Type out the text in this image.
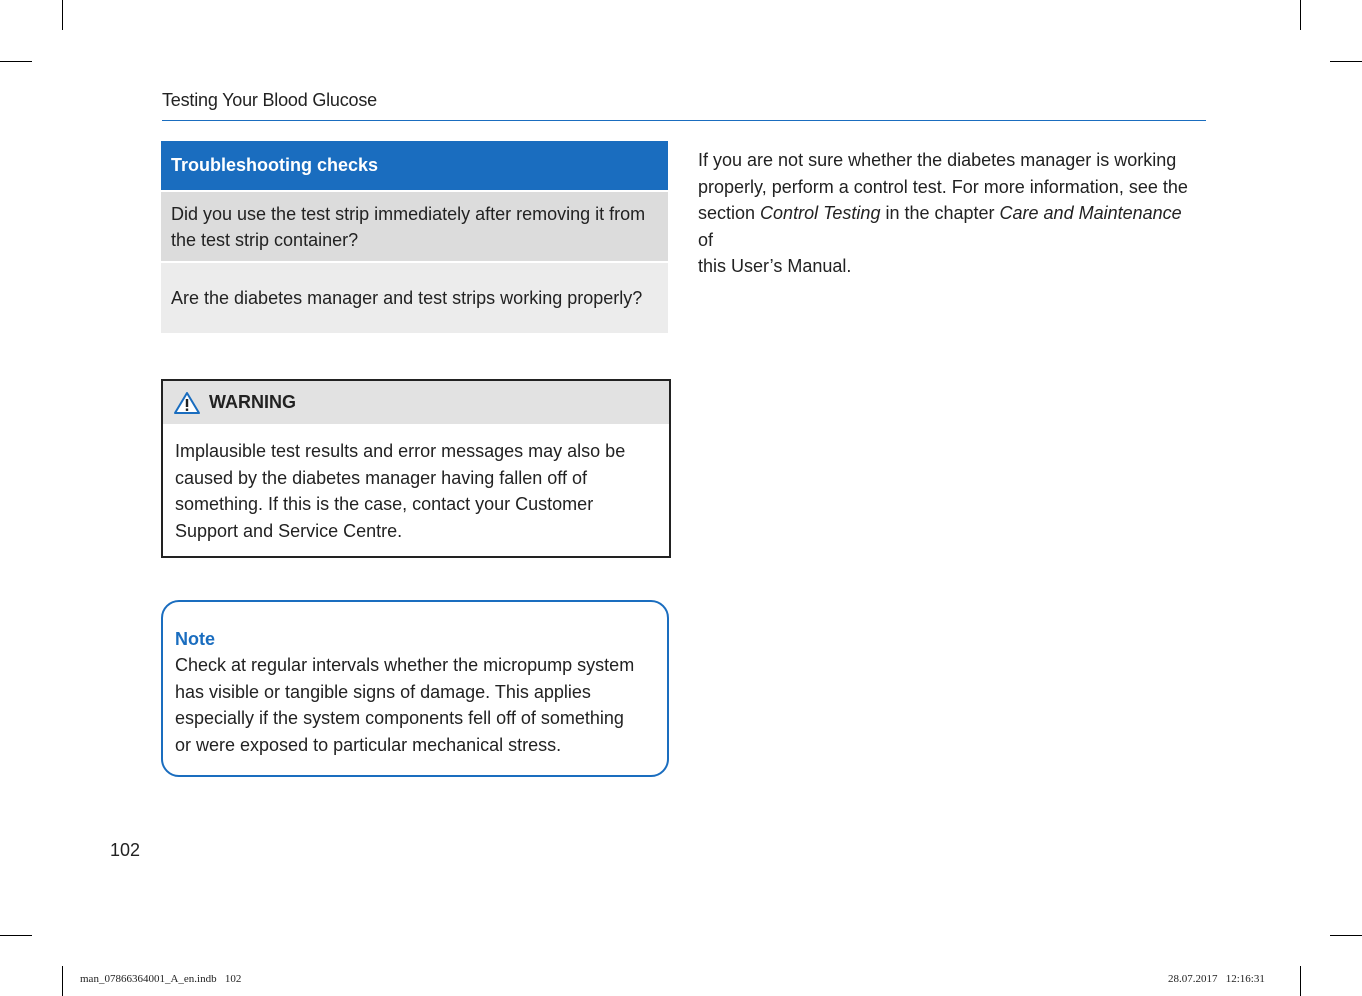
Testing Your Blood Glucose
Troubleshooting checks
Did you use the test strip immediately after removing it from the test strip container?
Are the diabetes manager and test strips working properly?
WARNING
Implausible test results and error messages may also be
caused by the diabetes manager having fallen off of
something. If this is the case, contact your Customer
Support and Service Centre.
Note
Check at regular intervals whether the micropump system
has visible or tangible signs of damage. This applies
especially if the system components fell off of something
or were exposed to particular mechanical stress.
If you are not sure whether the diabetes manager is working
properly, perform a control test. For more information, see the
section Control Testing in the chapter Care and Maintenance of
this User’s Manual.
102
man_07866364001_A_en.indb   102	28.07.2017   12:16:31
